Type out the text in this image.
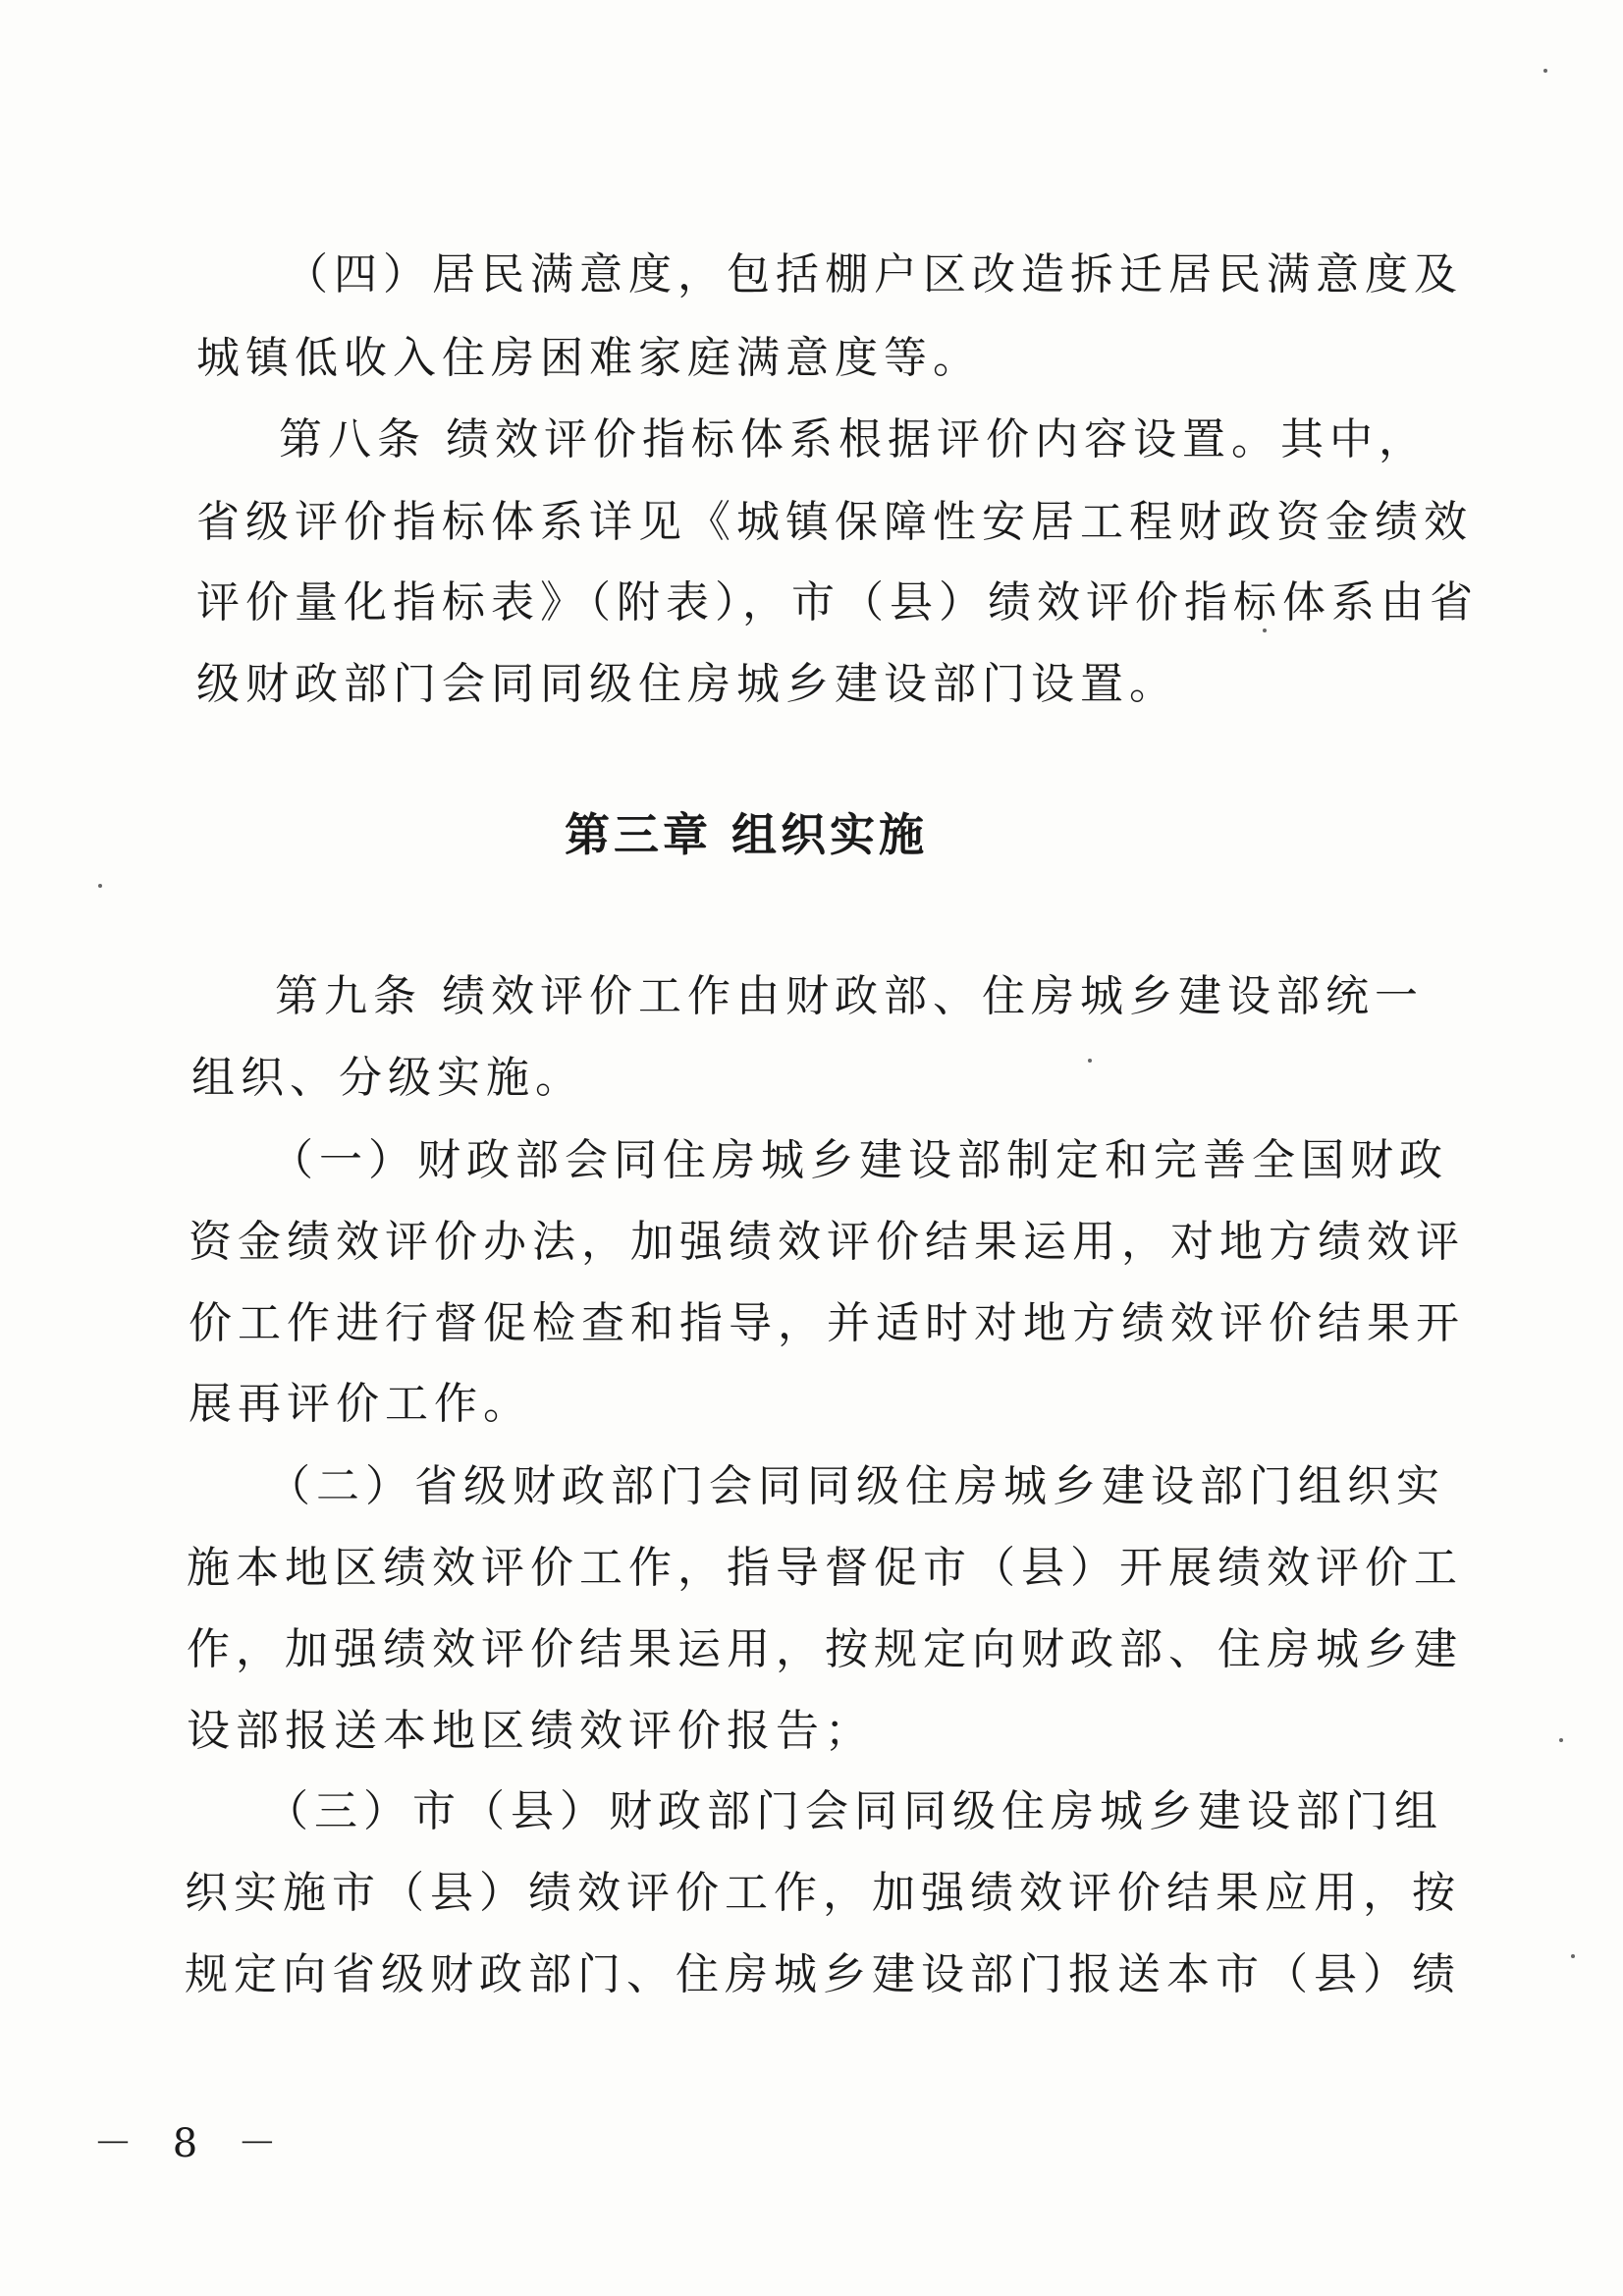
（四）居民满意度，包括棚户区改造拆迁居民满意度及
城镇低收入住房困难家庭满意度等。
第八条 绩效评价指标体系根据评价内容设置。其中，
省级评价指标体系详见《城镇保障性安居工程财政资金绩效
评价量化指标表》（附表），市（县）绩效评价指标体系由省
级财政部门会同同级住房城乡建设部门设置。
第三章 组织实施
第九条 绩效评价工作由财政部、住房城乡建设部统一
组织、分级实施。
（一）财政部会同住房城乡建设部制定和完善全国财政
资金绩效评价办法，加强绩效评价结果运用，对地方绩效评
价工作进行督促检查和指导，并适时对地方绩效评价结果开
展再评价工作。
（二）省级财政部门会同同级住房城乡建设部门组织实
施本地区绩效评价工作，指导督促市（县）开展绩效评价工
作，加强绩效评价结果运用，按规定向财政部、住房城乡建
设部报送本地区绩效评价报告；
（三）市（县）财政部门会同同级住房城乡建设部门组
织实施市（县）绩效评价工作，加强绩效评价结果应用，按
规定向省级财政部门、住房城乡建设部门报送本市（县）绩
－ 8 －
